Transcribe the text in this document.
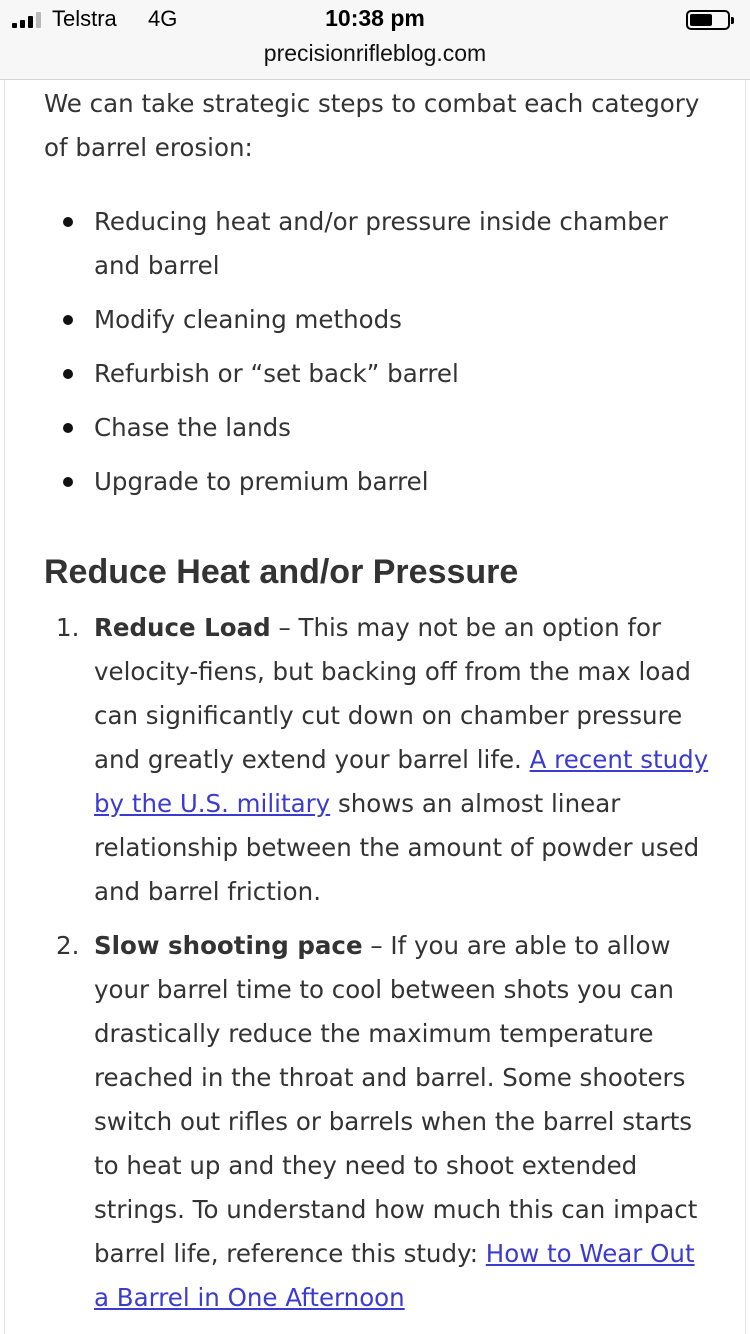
Telstra 4G	10:38 pm
precisionrifleblog.com

We can take strategic steps to combat each category of barrel erosion:

Reducing heat and/or pressure inside chamber and barrel
Modify cleaning methods
Refurbish or “set back” barrel
Chase the lands
Upgrade to premium barrel
Reduce Heat and/or Pressure
1. Reduce Load – This may not be an option for velocity-fiens, but backing off from the max load can significantly cut down on chamber pressure and greatly extend your barrel life. A recent study by the U.S. military shows an almost linear relationship between the amount of powder used and barrel friction.
2. Slow shooting pace – If you are able to allow your barrel time to cool between shots you can drastically reduce the maximum temperature reached in the throat and barrel. Some shooters switch out rifles or barrels when the barrel starts to heat up and they need to shoot extended strings. To understand how much this can impact barrel life, reference this study: How to Wear Out a Barrel in One Afternoon
